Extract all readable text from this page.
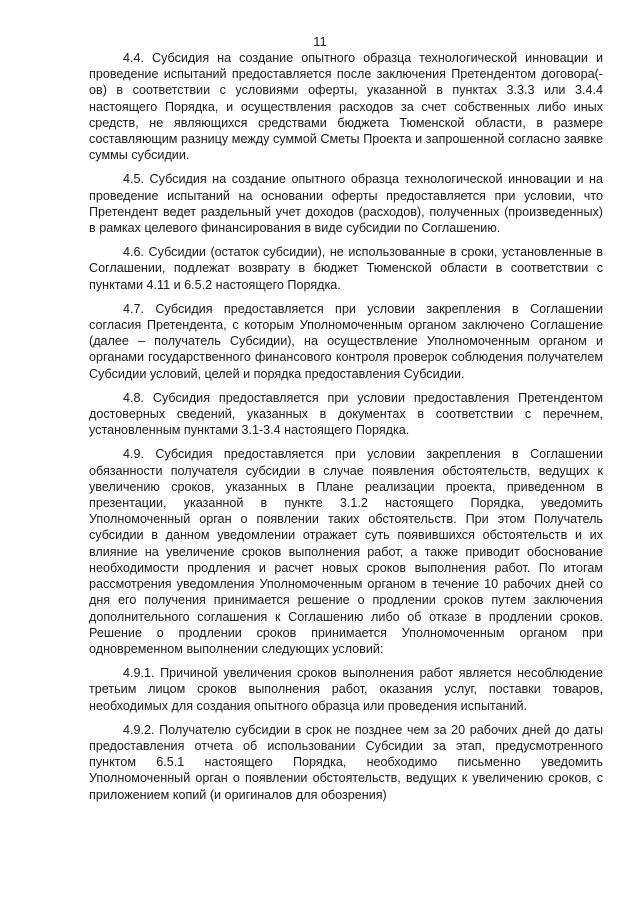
11

4.4. Субсидия на создание опытного образца технологической инновации и проведение испытаний предоставляется после заключения Претендентом договора(-ов) в соответствии с условиями оферты, указанной в пунктах 3.3.3 или 3.4.4 настоящего Порядка, и осуществления расходов за счет собственных либо иных средств, не являющихся средствами бюджета Тюменской области, в размере составляющим разницу между суммой Сметы Проекта и запрошенной согласно заявке суммы субсидии.

4.5. Субсидия на создание опытного образца технологической инновации и на проведение испытаний на основании оферты предоставляется при условии, что Претендент ведет раздельный учет доходов (расходов), полученных (произведенных) в рамках целевого финансирования в виде субсидии по Соглашению.

4.6. Субсидии (остаток субсидии), не использованные в сроки, установленные в Соглашении, подлежат возврату в бюджет Тюменской области в соответствии с пунктами 4.11 и 6.5.2 настоящего Порядка.

4.7. Субсидия предоставляется при условии закрепления в Соглашении согласия Претендента, с которым Уполномоченным органом заключено Соглашение (далее – получатель Субсидии), на осуществление Уполномоченным органом и органами государственного финансового контроля проверок соблюдения получателем Субсидии условий, целей и порядка предоставления Субсидии.

4.8. Субсидия предоставляется при условии предоставления Претендентом достоверных сведений, указанных в документах в соответствии с перечнем, установленным пунктами 3.1-3.4 настоящего Порядка.

4.9. Субсидия предоставляется при условии закрепления в Соглашении обязанности получателя субсидии в случае появления обстоятельств, ведущих к увеличению сроков, указанных в Плане реализации проекта, приведенном в презентации, указанной в пункте 3.1.2 настоящего Порядка, уведомить Уполномоченный орган о появлении таких обстоятельств. При этом Получатель субсидии в данном уведомлении отражает суть появившихся обстоятельств и их влияние на увеличение сроков выполнения работ, а также приводит обоснование необходимости продления и расчет новых сроков выполнения работ. По итогам рассмотрения уведомления Уполномоченным органом в течение 10 рабочих дней со дня его получения принимается решение о продлении сроков путем заключения дополнительного соглашения к Соглашению либо об отказе в продлении сроков. Решение о продлении сроков принимается Уполномоченным органом при одновременном выполнении следующих условий:

4.9.1. Причиной увеличения сроков выполнения работ является несоблюдение третьим лицом сроков выполнения работ, оказания услуг, поставки товаров, необходимых для создания опытного образца или проведения испытаний.

4.9.2. Получателю субсидии в срок не позднее чем за 20 рабочих дней до даты предоставления отчета об использовании Субсидии за этап, предусмотренного пунктом 6.5.1 настоящего Порядка, необходимо письменно уведомить Уполномоченный орган о появлении обстоятельств, ведущих к увеличению сроков, с приложением копий (и оригиналов для обозрения)
